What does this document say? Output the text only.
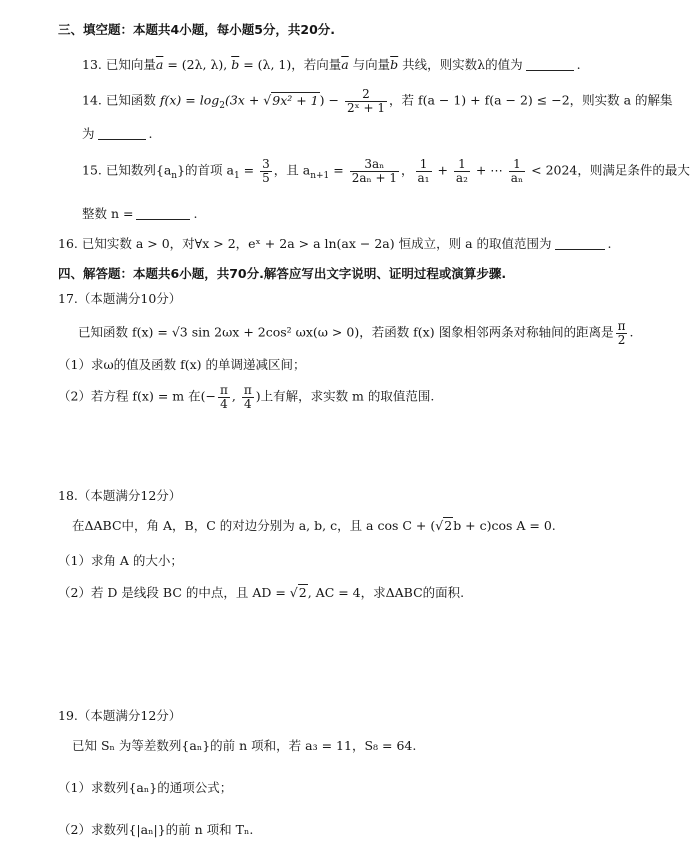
三、填空题：本题共4小题，每小题5分，共20分.
13. 已知向量$\overline{a} = (2\lambda$, λ), $\overline{b} = (\lambda$, 1)，若向量$\overline{a}$ 与向量$\overline{b}$ 共线，则实数λ的值为	.
14. 已知函数 $f(x) = \log_2(3x + √9x^2 + 1) - \frac{2}{\text{2ˣ + 1}}$ ，若 f(a − 1) + f(a − 2) ≤ −2，则实数 a 的解集
为	.
15. 已知数列$\{a_n\}$的首项 $a_1 = \frac{3}{5}$ ，且 $a_{n+1} = \frac{\text{3aₙ}}{\text{2aₙ + 1}}$ ， $\frac{1}{\text{a₁}} + \frac{1}{\text{a₂}}$ + ⋯ $\frac{1}{\text{aₙ}} < 2024$，则满足条件的最大
整数 n =	.
16. 已知实数 a > 0，对∀x > 2，eˣ + 2a > a ln(ax − 2a) 恒成立，则 a 的取值范围为	.
四、解答题：本题共6小题，共70分.解答应写出文字说明、证明过程或演算步骤.
17.（本题满分10分）
已知函数 f(x) = √3 sin 2ωx + 2cos² ωx(ω > 0)，若函数 f(x) 图象相邻两条对称轴间的距离是 $\frac{\pi}{2}$ .
（1）求ω的值及函数 f(x) 的单调递减区间；
（2）若方程 f(x) = m 在(− $\frac{\pi}{4}$ , $\frac{\pi}{4}$ )上有解，求实数 m 的取值范围.
18.（本题满分12分）
在ΔABC中，角 A，B，C 的对边分别为 a, b, c，且 a cos C + (√2b + c)cos A = 0.
（1）求角 A 的大小；
（2）若 D 是线段 BC 的中点，且 AD = √2, AC = 4，求ΔABC的面积.
19.（本题满分12分）
已知 Sₙ 为等差数列{aₙ}的前 n 项和，若 a₃ = 11，S₈ = 64.
（1）求数列{aₙ}的通项公式；
（2）求数列{|aₙ|}的前 n 项和 Tₙ.
